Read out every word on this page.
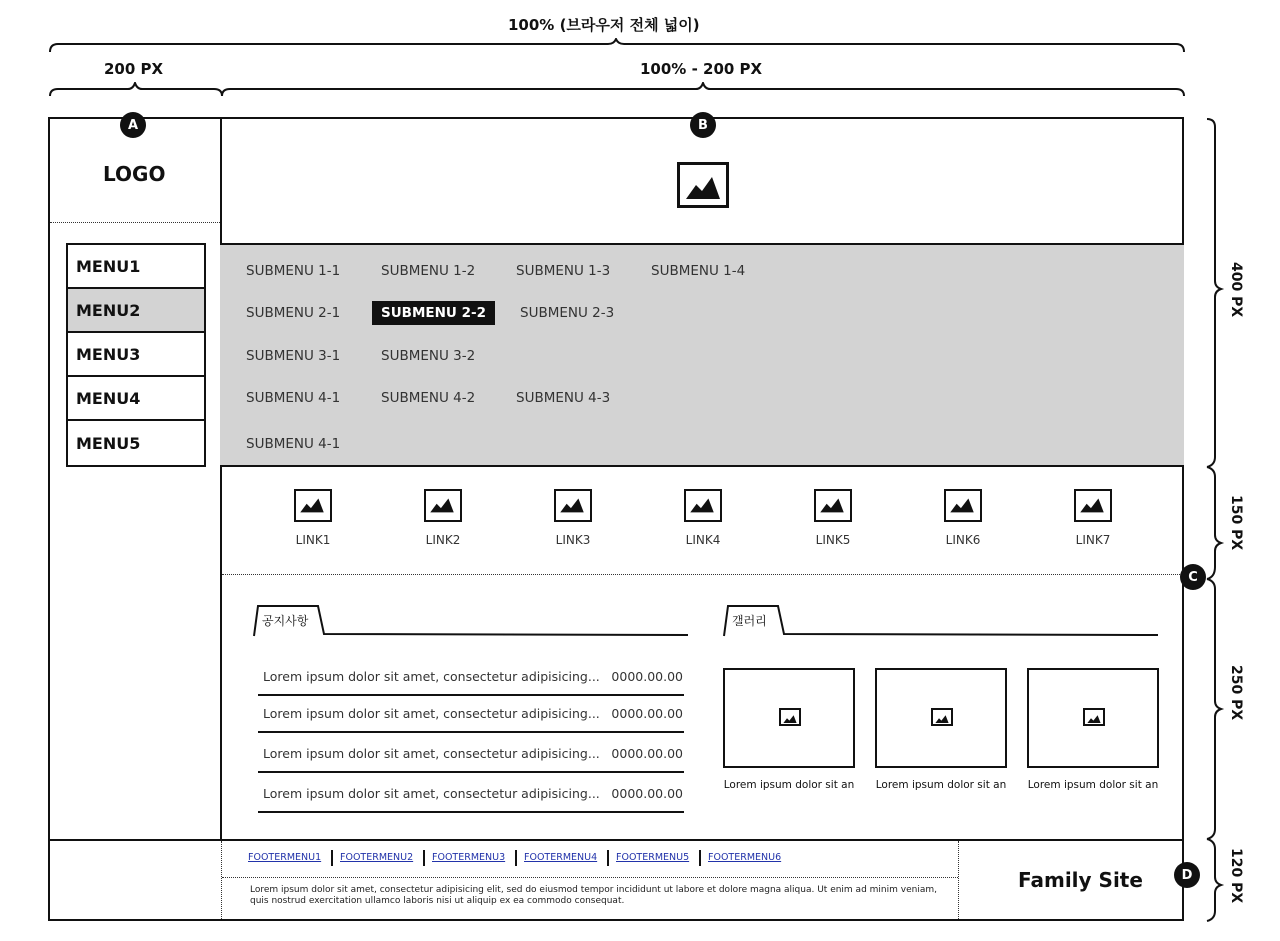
100% (브라우저 전체 넓이)
200 PX	100% - 200 PX
400 PX
150 PX
250 PX
120 PX
A	B
C
D
LOGO
MENU1
MENU2
MENU3
MENU4
MENU5
SUBMENU 1-1	SUBMENU 1-2	SUBMENU 1-3	SUBMENU 1-4
SUBMENU 2-1	SUBMENU 2-2	SUBMENU 2-3
SUBMENU 3-1	SUBMENU 3-2
SUBMENU 4-1	SUBMENU 4-2	SUBMENU 4-3
SUBMENU 4-1
LINK1	LINK2	LINK3	LINK4	LINK5	LINK6	LINK7
공지사항
Lorem ipsum dolor sit amet, consectetur adipisicing... 0000.00.00
Lorem ipsum dolor sit amet, consectetur adipisicing... 0000.00.00
Lorem ipsum dolor sit amet, consectetur adipisicing... 0000.00.00
Lorem ipsum dolor sit amet, consectetur adipisicing... 0000.00.00
갤러리
Lorem ipsum dolor sit an	Lorem ipsum dolor sit an	Lorem ipsum dolor sit an
FOOTERMENU1 FOOTERMENU2 FOOTERMENU3 FOOTERMENU4 FOOTERMENU5 FOOTERMENU6
Lorem ipsum dolor sit amet, consectetur adipisicing elit, sed do eiusmod tempor incididunt ut labore et dolore magna aliqua. Ut enim ad minim veniam, quis nostrud exercitation ullamco laboris nisi ut aliquip ex ea commodo consequat.
Family Site
